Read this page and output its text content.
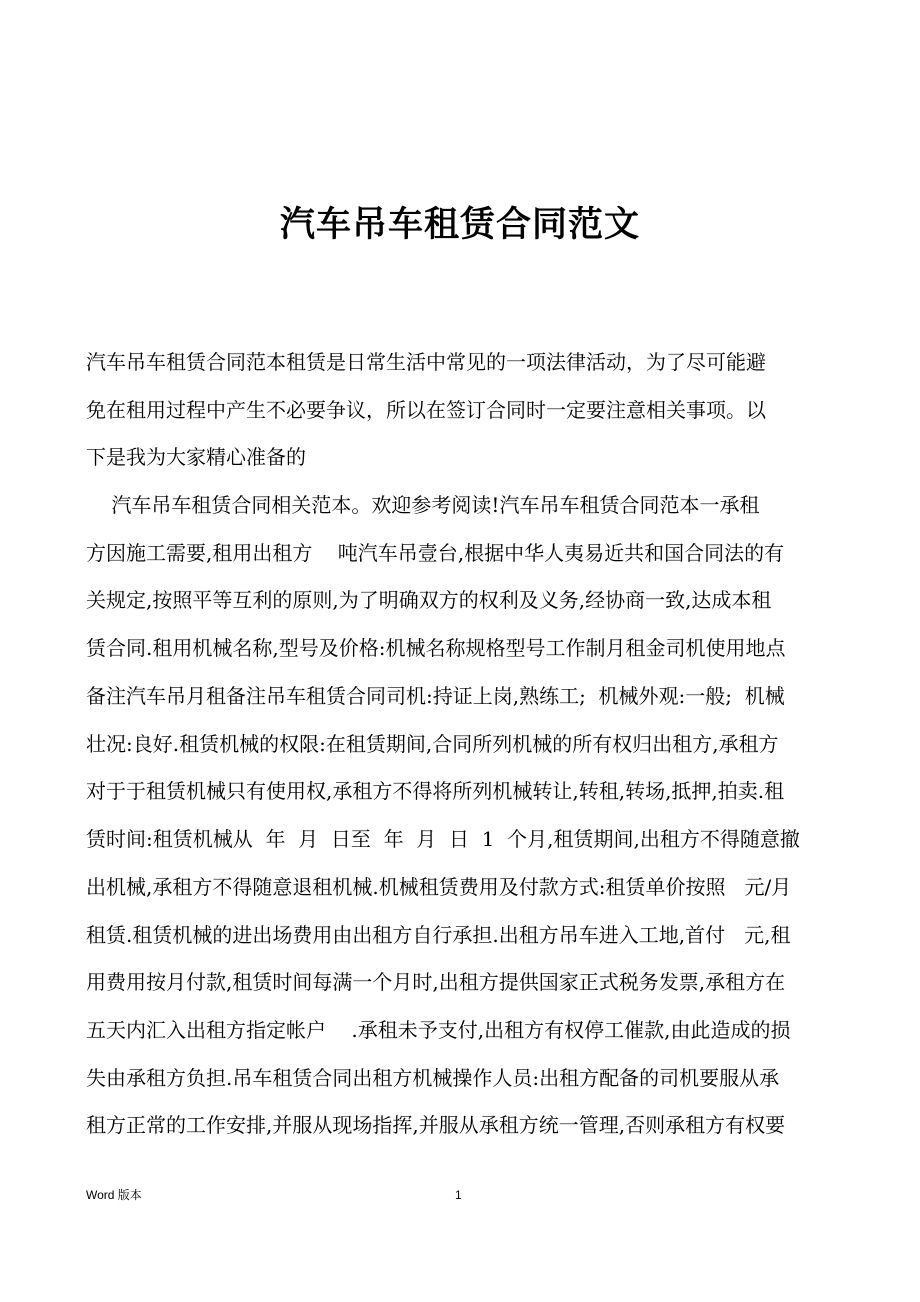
汽车吊车租赁合同范文
汽车吊车租赁合同范本租赁是日常生活中常见的一项法律活动，为了尽可能避
免在租用过程中产生不必要争议，所以在签订合同时一定要注意相关事项。以
下是我为大家精心准备的
汽车吊车租赁合同相关范本。欢迎参考阅读!汽车吊车租赁合同范本一承租
方因施工需要,租用出租方    吨汽车吊壹台,根据中华人夷易近共和国合同法的有
关规定,按照平等互利的原则,为了明确双方的权利及义务,经协商一致,达成本租
赁合同.租用机械名称,型号及价格:机械名称规格型号工作制月租金司机使用地点
备注汽车吊月租备注吊车租赁合同司机:持证上岗,熟练工;  机械外观:一般;  机械
壮况:良好.租赁机械的权限:在租赁期间,合同所列机械的所有权归出租方,承租方
对于于租赁机械只有使用权,承租方不得将所列机械转让,转租,转场,抵押,拍卖.租
赁时间:租赁机械从  年  月  日至  年  月  日  1  个月,租赁期间,出租方不得随意撤
出机械,承租方不得随意退租机械.机械租赁费用及付款方式:租赁单价按照   元/月
租赁.租赁机械的进出场费用由出租方自行承担.出租方吊车进入工地,首付   元,租
用费用按月付款,租赁时间每满一个月时,出租方提供国家正式税务发票,承租方在
五天内汇入出租方指定帐户    .承租未予支付,出租方有权停工催款,由此造成的损
失由承租方负担.吊车租赁合同出租方机械操作人员:出租方配备的司机要服从承
租方正常的工作安排,并服从现场指挥,并服从承租方统一管理,否则承租方有权要
Word 版本	1
